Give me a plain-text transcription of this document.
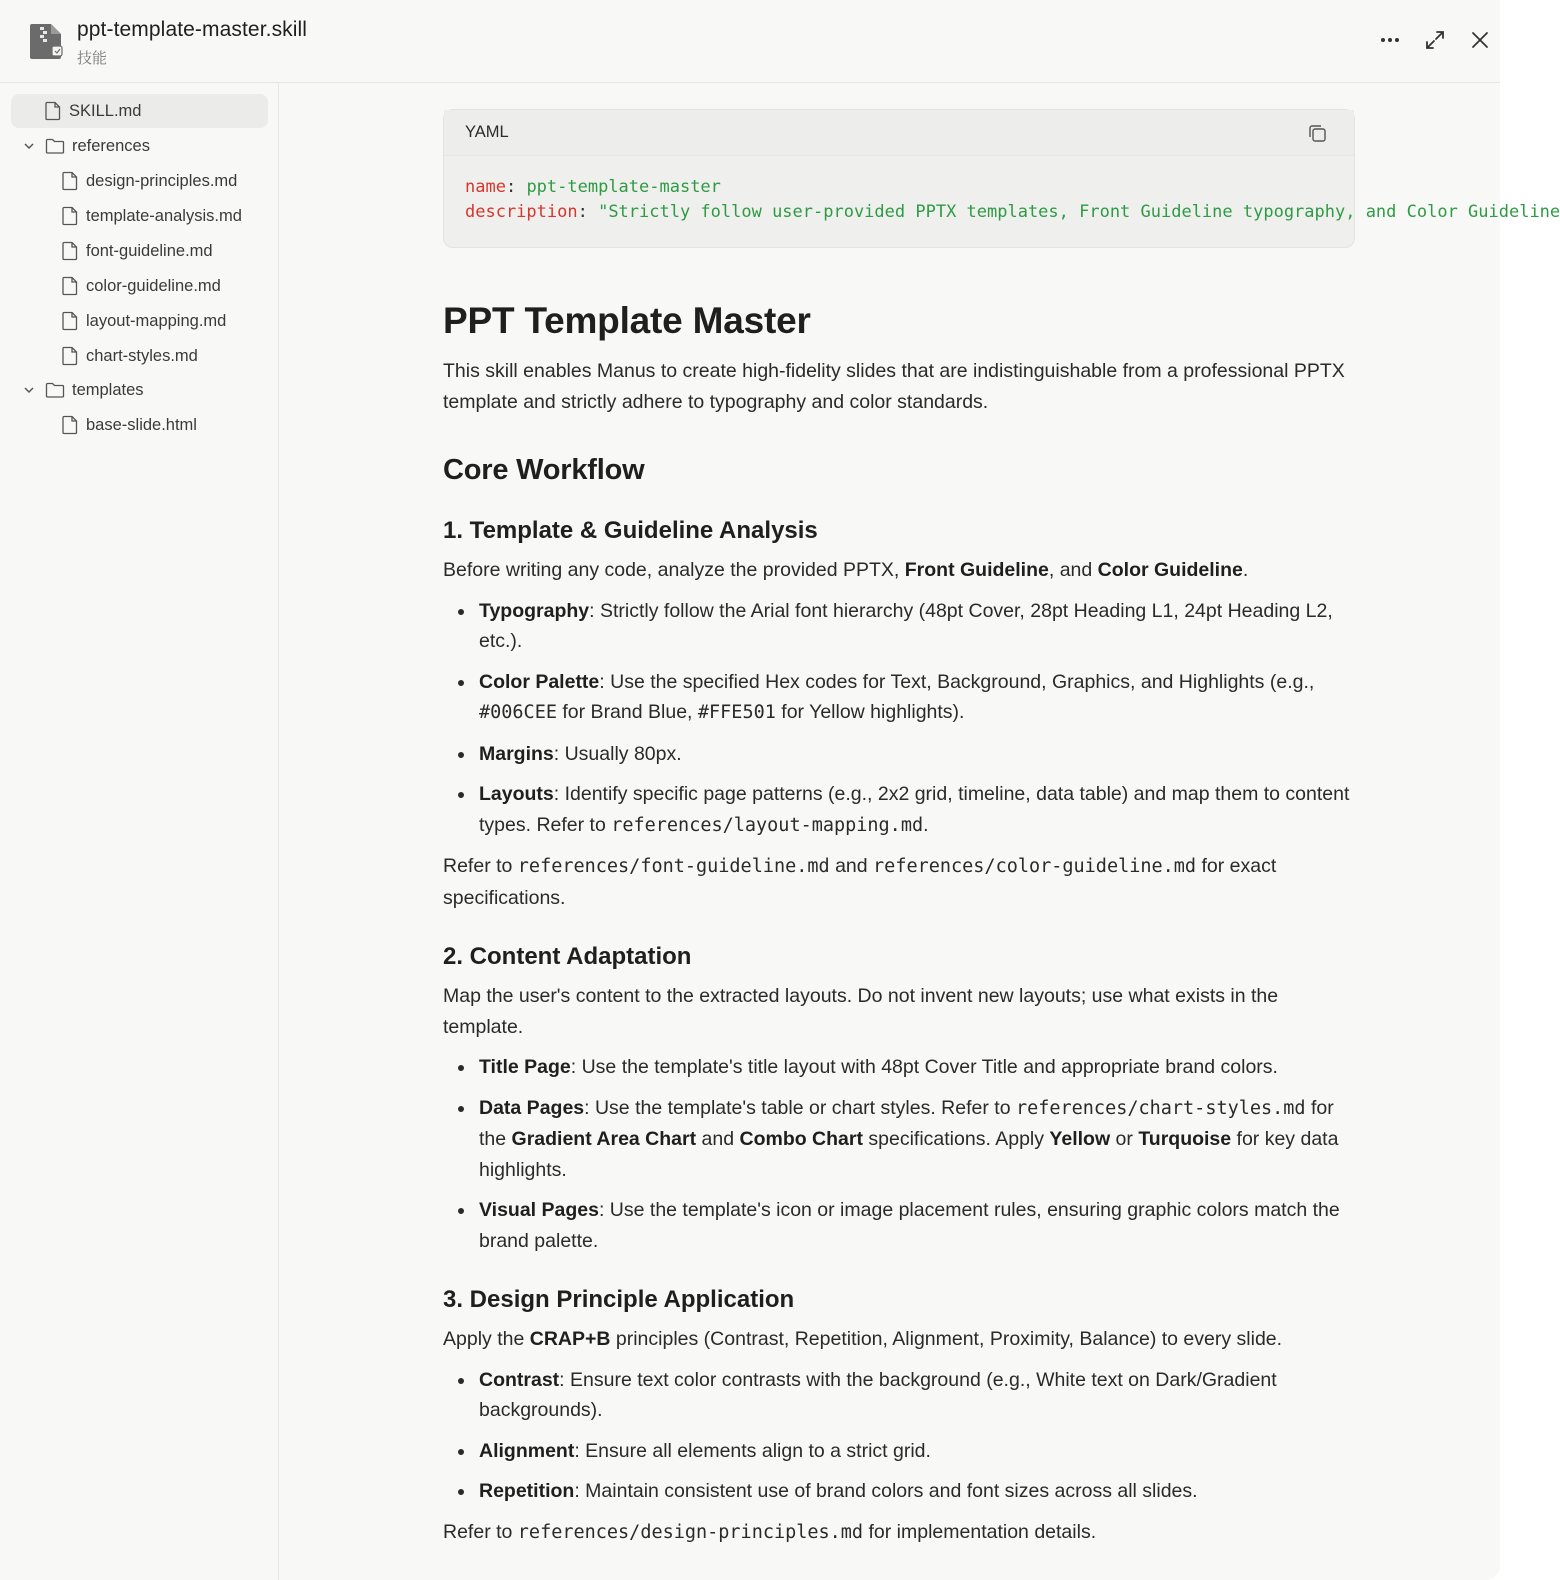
ppt-template-master.skill
技能
SKILL.md
references
design-principles.md
template-analysis.md
font-guideline.md
color-guideline.md
layout-mapping.md
chart-styles.md
templates
base-slide.html
YAML
name: ppt-template-master
description: "Strictly follow user-provided PPTX templates, Front Guideline typography, and Color Guideline
PPT Template Master

This skill enables Manus to create high-fidelity slides that are indistinguishable from a professional PPTX template and strictly adhere to typography and color standards.

Core Workflow
1. Template & Guideline Analysis

Before writing any code, analyze the provided PPTX, Front Guideline, and Color Guideline.

Typography: Strictly follow the Arial font hierarchy (48pt Cover, 28pt Heading L1, 24pt Heading L2, etc.).
Color Palette: Use the specified Hex codes for Text, Background, Graphics, and Highlights (e.g., #006CEE for Brand Blue, #FFE501 for Yellow highlights).
Margins: Usually 80px.
Layouts: Identify specific page patterns (e.g., 2x2 grid, timeline, data table) and map them to content types. Refer to references/layout-mapping.md.

Refer to references/font-guideline.md and references/color-guideline.md for exact specifications.

2. Content Adaptation

Map the user's content to the extracted layouts. Do not invent new layouts; use what exists in the template.

Title Page: Use the template's title layout with 48pt Cover Title and appropriate brand colors.
Data Pages: Use the template's table or chart styles. Refer to references/chart-styles.md for the Gradient Area Chart and Combo Chart specifications. Apply Yellow or Turquoise for key data highlights.
Visual Pages: Use the template's icon or image placement rules, ensuring graphic colors match the brand palette.
3. Design Principle Application

Apply the CRAP+B principles (Contrast, Repetition, Alignment, Proximity, Balance) to every slide.

Contrast: Ensure text color contrasts with the background (e.g., White text on Dark/Gradient backgrounds).
Alignment: Ensure all elements align to a strict grid.
Repetition: Maintain consistent use of brand colors and font sizes across all slides.

Refer to references/design-principles.md for implementation details.
